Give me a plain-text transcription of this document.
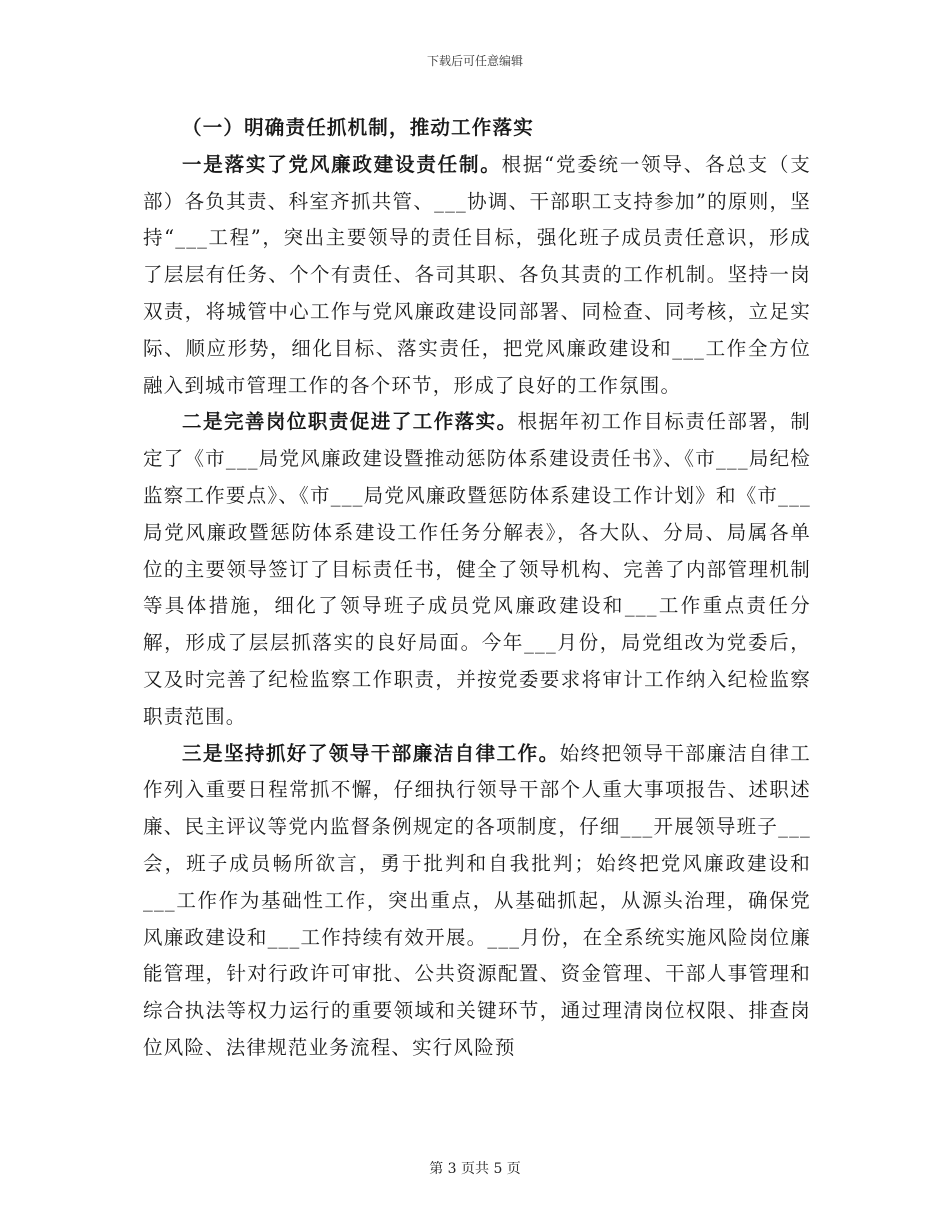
下载后可任意编辑

（一）明确责任抓机制，推动工作落实

一是落实了党风廉政建设责任制。根据“党委统一领导、各总支（支部）各负其责、科室齐抓共管、___协调、干部职工支持参加”的原则，坚持“___工程”，突出主要领导的责任目标，强化班子成员责任意识，形成了层层有任务、个个有责任、各司其职、各负其责的工作机制。坚持一岗双责，将城管中心工作与党风廉政建设同部署、同检查、同考核，立足实际、顺应形势，细化目标、落实责任，把党风廉政建设和___工作全方位融入到城市管理工作的各个环节，形成了良好的工作氛围。

二是完善岗位职责促进了工作落实。根据年初工作目标责任部署，制定了《市___局党风廉政建设暨推动惩防体系建设责任书》、《市___局纪检监察工作要点》、《市___局党风廉政暨惩防体系建设工作计划》和《市___局党风廉政暨惩防体系建设工作任务分解表》，各大队、分局、局属各单位的主要领导签订了目标责任书，健全了领导机构、完善了内部管理机制等具体措施，细化了领导班子成员党风廉政建设和___工作重点责任分解，形成了层层抓落实的良好局面。今年___月份，局党组改为党委后，又及时完善了纪检监察工作职责，并按党委要求将审计工作纳入纪检监察职责范围。

三是坚持抓好了领导干部廉洁自律工作。始终把领导干部廉洁自律工作列入重要日程常抓不懈，仔细执行领导干部个人重大事项报告、述职述廉、民主评议等党内监督条例规定的各项制度，仔细___开展领导班子___会，班子成员畅所欲言，勇于批判和自我批判；始终把党风廉政建设和___工作作为基础性工作，突出重点，从基础抓起，从源头治理，确保党风廉政建设和___工作持续有效开展。___月份，在全系统实施风险岗位廉能管理，针对行政许可审批、公共资源配置、资金管理、干部人事管理和综合执法等权力运行的重要领域和关键环节，通过理清岗位权限、排查岗位风险、法律规范业务流程、实行风险预

第 3 页共 5 页
